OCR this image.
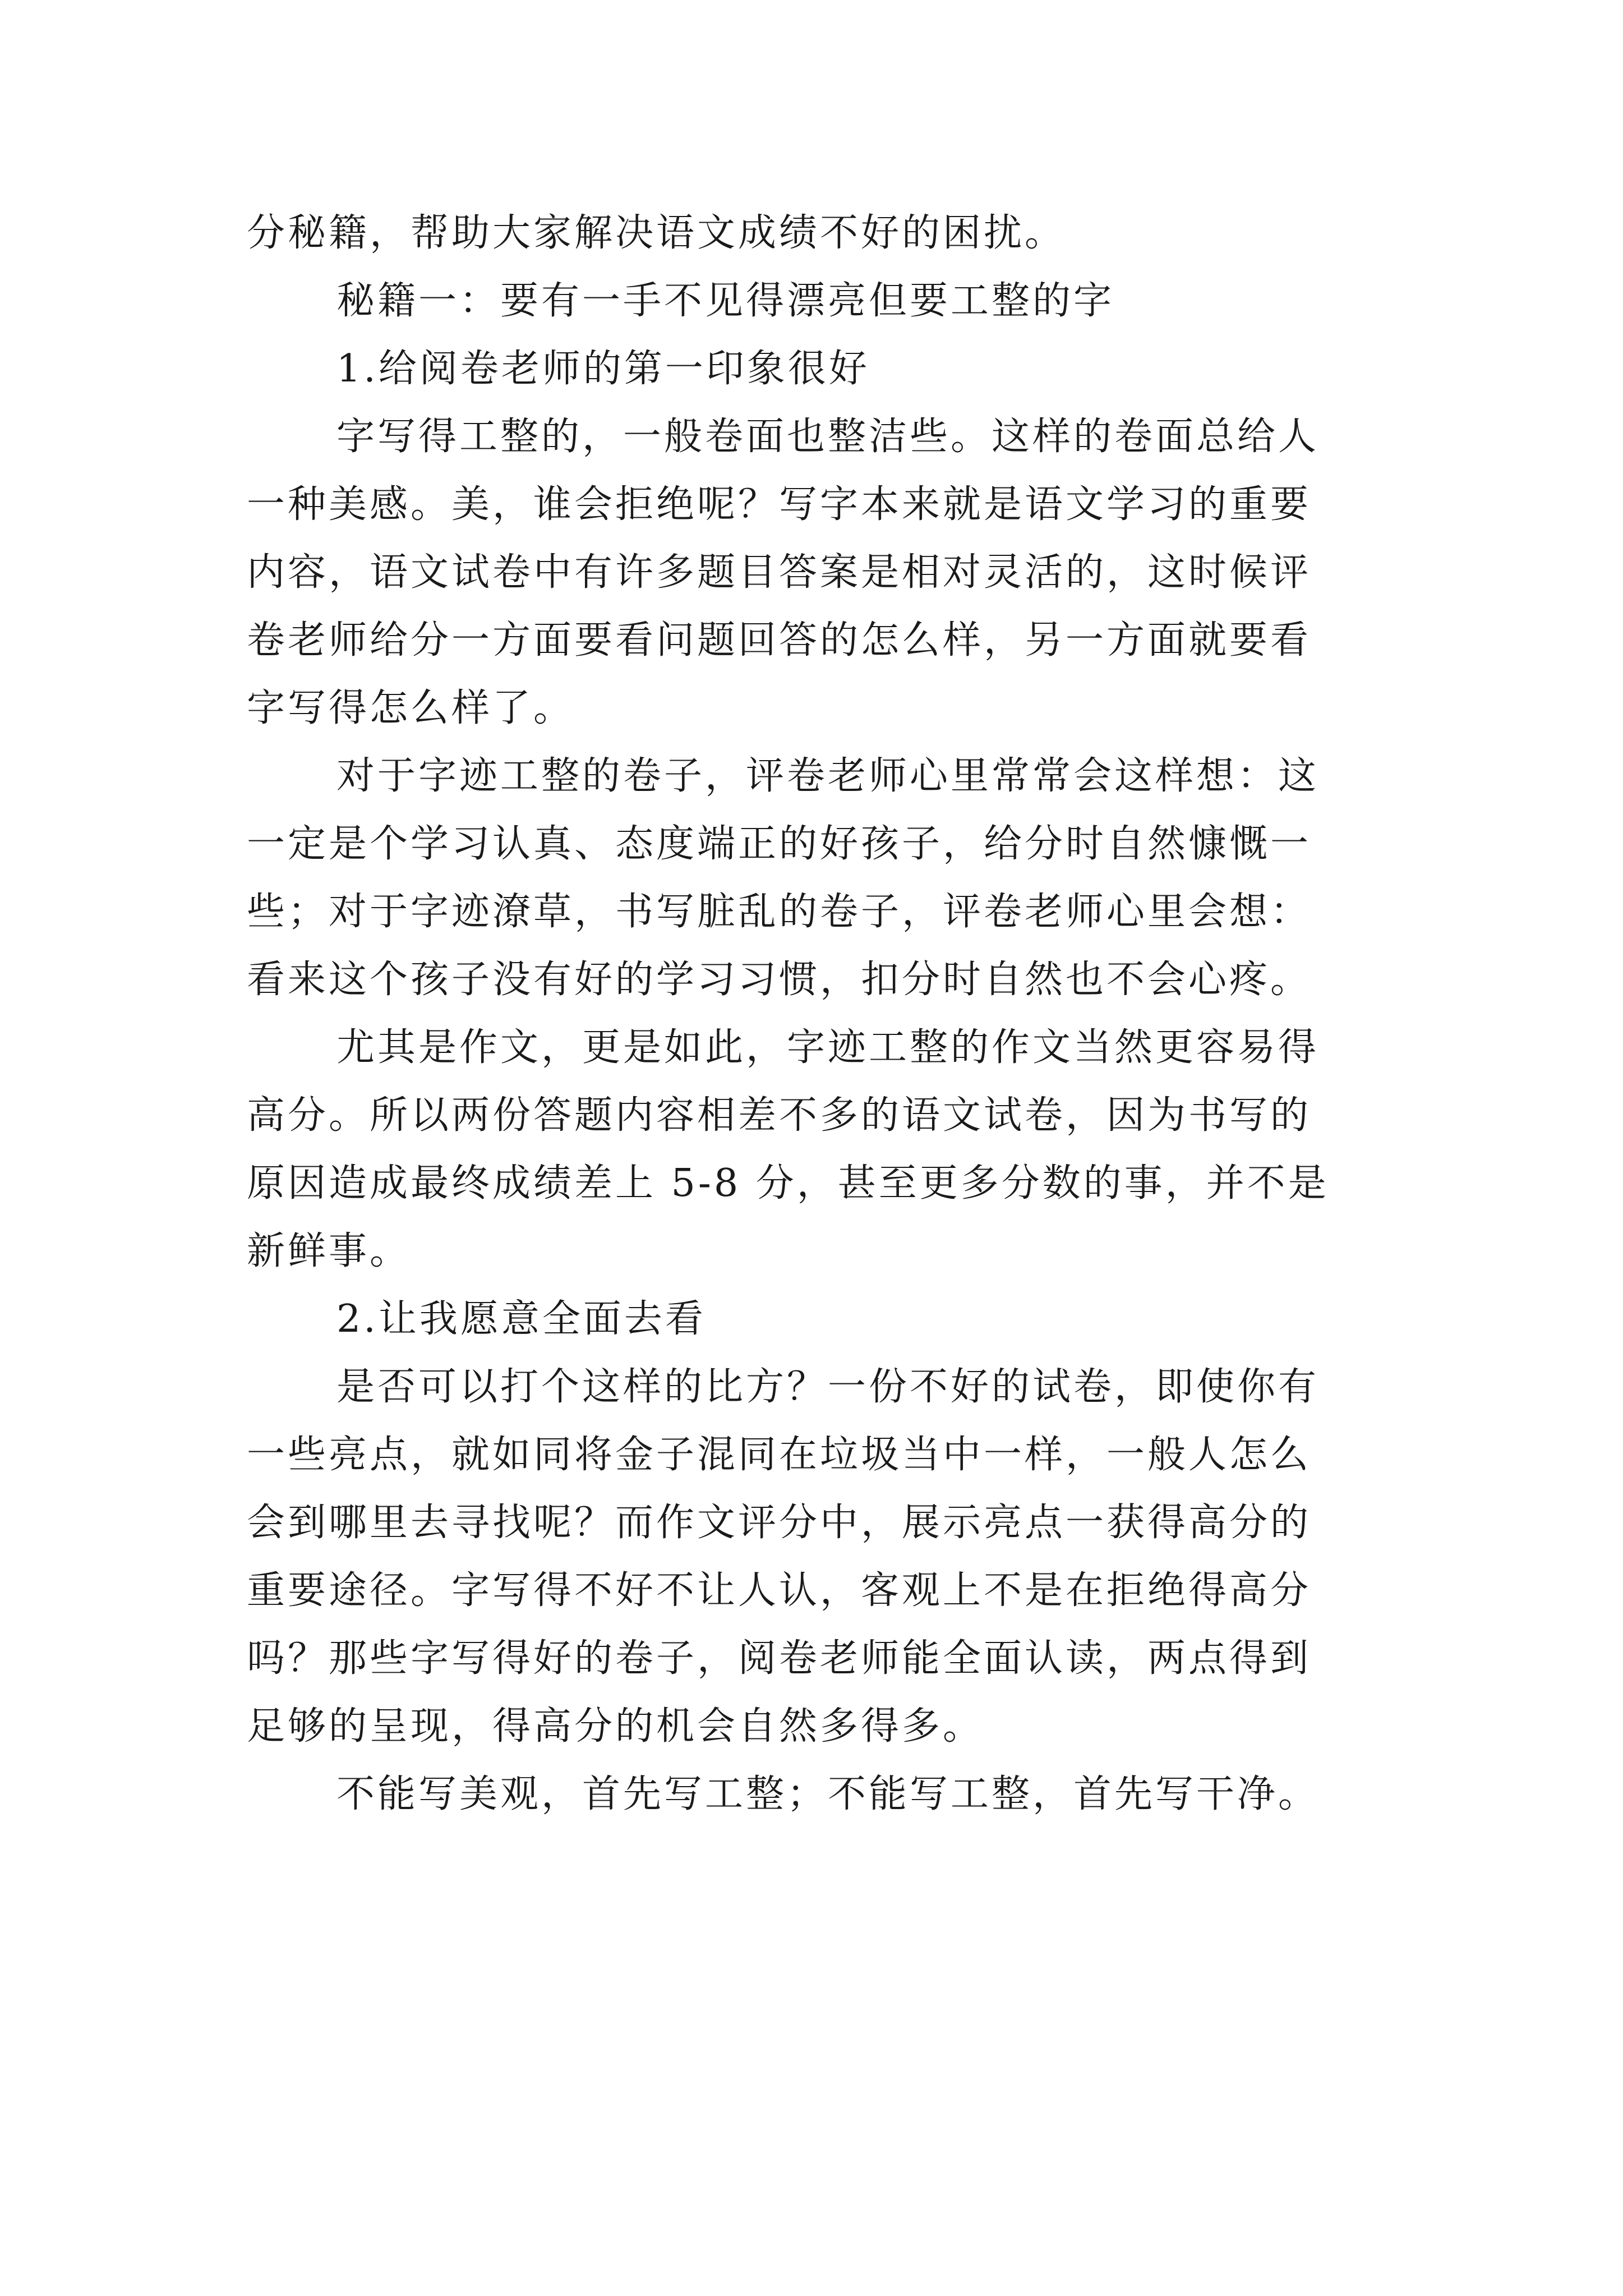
分秘籍，帮助大家解决语文成绩不好的困扰。
秘籍一：要有一手不见得漂亮但要工整的字
1.给阅卷老师的第一印象很好
字写得工整的，一般卷面也整洁些。这样的卷面总给人
一种美感。美，谁会拒绝呢？写字本来就是语文学习的重要
内容，语文试卷中有许多题目答案是相对灵活的，这时候评
卷老师给分一方面要看问题回答的怎么样，另一方面就要看
字写得怎么样了。
对于字迹工整的卷子，评卷老师心里常常会这样想：这
一定是个学习认真、态度端正的好孩子，给分时自然慷慨一
些；对于字迹潦草，书写脏乱的卷子，评卷老师心里会想：
看来这个孩子没有好的学习习惯，扣分时自然也不会心疼。
尤其是作文，更是如此，字迹工整的作文当然更容易得
高分。所以两份答题内容相差不多的语文试卷，因为书写的
原因造成最终成绩差上 5-8 分，甚至更多分数的事，并不是
新鲜事。
2.让我愿意全面去看
是否可以打个这样的比方？一份不好的试卷，即使你有
一些亮点，就如同将金子混同在垃圾当中一样，一般人怎么
会到哪里去寻找呢？而作文评分中，展示亮点一获得高分的
重要途径。字写得不好不让人认，客观上不是在拒绝得高分
吗？那些字写得好的卷子，阅卷老师能全面认读，两点得到
足够的呈现，得高分的机会自然多得多。
不能写美观，首先写工整；不能写工整，首先写干净。
